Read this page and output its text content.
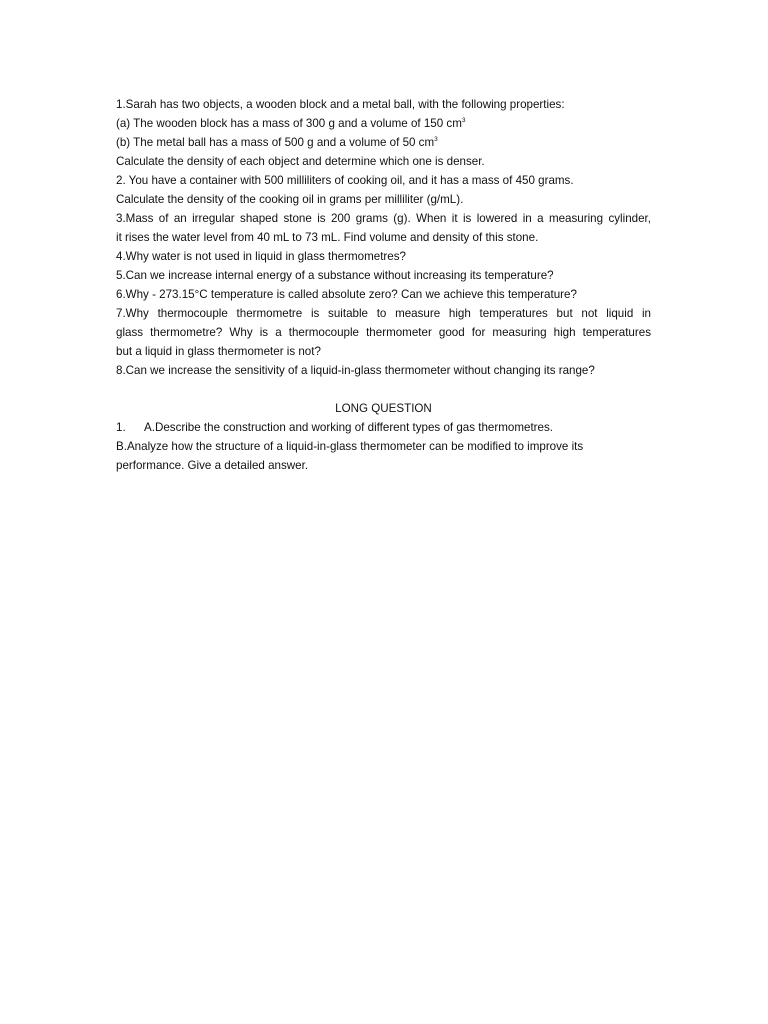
1.Sarah has two objects, a wooden block and a metal ball, with the following properties:
(a) The wooden block has a mass of 300 g and a volume of 150 $cm^3$
(b) The metal ball has a mass of 500 g and a volume of 50 $cm^3$
Calculate the density of each object and determine which one is denser.
2. You have a container with 500 milliliters of cooking oil, and it has a mass of 450 grams.
Calculate the density of the cooking oil in grams per milliliter (g/mL).
3.Mass of an irregular shaped stone is 200 grams (g). When it is lowered in a measuring cylinder,
it rises the water level from 40 mL to 73 mL. Find volume and density of this stone.
4.Why water is not used in liquid in glass thermometres?
5.Can we increase internal energy of a substance without increasing its temperature?
6.Why - 273.15°C temperature is called absolute zero? Can we achieve this temperature?
7.Why thermocouple thermometre is suitable to measure high temperatures but not liquid in
glass thermometre? Why is a thermocouple thermometer good for measuring high temperatures
but a liquid in glass thermometer is not?
8.Can we increase the sensitivity of a liquid-in-glass thermometer without changing its range?
LONG QUESTION
1. A.Describe the construction and working of different types of gas thermometres.
B.Analyze how the structure of a liquid-in-glass thermometer can be modified to improve its
performance. Give a detailed answer.
